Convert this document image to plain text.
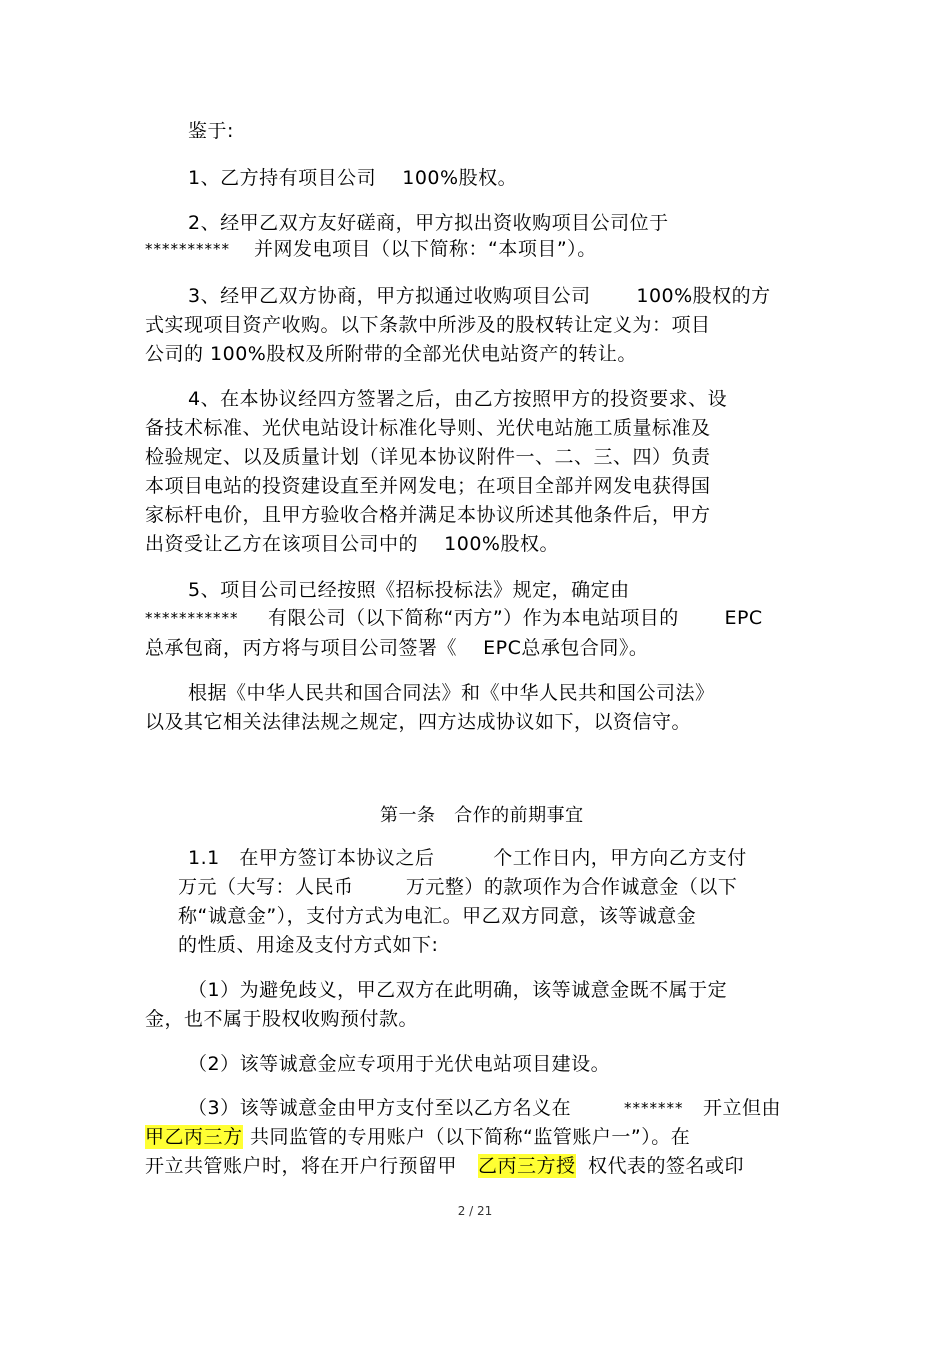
鉴于:
1、乙方持有项目公司    100%股权。
2、经甲乙双方友好磋商，甲方拟出资收购项目公司位于
********** 并网发电项目（以下简称：“本项目”）。
3、经甲乙双方协商，甲方拟通过收购项目公司       100%股权的方
式实现项目资产收购。以下条款中所涉及的股权转让定义为：项目
公司的 100%股权及所附带的全部光伏电站资产的转让。
4、在本协议经四方签署之后，由乙方按照甲方的投资要求、设
备技术标准、光伏电站设计标准化导则、光伏电站施工质量标准及
检验规定、以及质量计划（详见本协议附件一、二、三、四）负责
本项目电站的投资建设直至并网发电；在项目全部并网发电获得国
家标杆电价，且甲方验收合格并满足本协议所述其他条件后，甲方
出资受让乙方在该项目公司中的    100%股权。
5、项目公司已经按照《招标投标法》规定，确定由
*********** 有限公司（以下简称“丙方”）作为本电站项目的       EPC
总承包商，丙方将与项目公司签署《    EPC总承包合同》。
根据《中华人民共和国合同法》和《中华人民共和国公司法》
以及其它相关法律法规之规定，四方达成协议如下，以资信守。
第一条   合作的前期事宜
1.1   在甲方签订本协议之后         个工作日内，甲方向乙方支付
万元（大写：人民币        万元整）的款项作为合作诚意金（以下
称“诚意金”），支付方式为电汇。甲乙双方同意，该等诚意金
的性质、用途及支付方式如下:
（1）为避免歧义，甲乙双方在此明确，该等诚意金既不属于定
金，也不属于股权收购预付款。
（2）该等诚意金应专项用于光伏电站项目建设。
（3）该等诚意金由甲方支付至以乙方名义在	******* 开立但由
甲乙丙三方 共同监管的专用账户（以下简称“监管账户一”）。在
开立共管账户时，将在开户行预留甲 乙丙三方授 权代表的签名或印
2 / 21
